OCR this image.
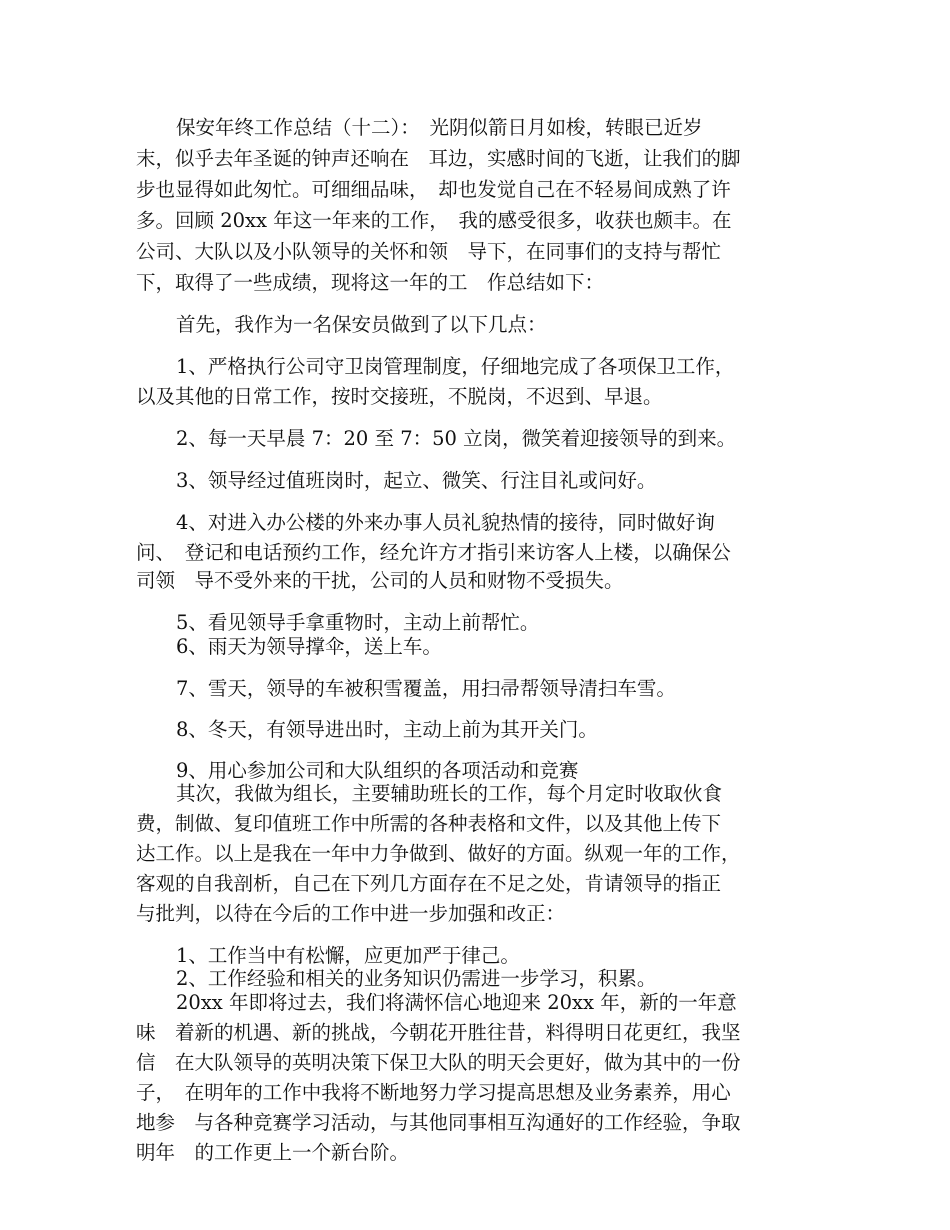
保安年终工作总结（十二）：　光阴似箭日月如梭，转眼已近岁
末，似乎去年圣诞的钟声还响在　耳边，实感时间的飞逝，让我们的脚
步也显得如此匆忙。可细细品味，　却也发觉自己在不轻易间成熟了许
多。回顾 20xx 年这一年来的工作，　我的感受很多，收获也颇丰。在
公司、大队以及小队领导的关怀和领　导下，在同事们的支持与帮忙
下，取得了一些成绩，现将这一年的工　作总结如下：
首先，我作为一名保安员做到了以下几点：
1、严格执行公司守卫岗管理制度，仔细地完成了各项保卫工作，
以及其他的日常工作，按时交接班，不脱岗，不迟到、早退。
2、每一天早晨 7：20 至 7：50 立岗，微笑着迎接领导的到来。
3、领导经过值班岗时，起立、微笑、行注目礼或问好。
4、对进入办公楼的外来办事人员礼貌热情的接待，同时做好询
问、　登记和电话预约工作，经允许方才指引来访客人上楼，以确保公
司领　导不受外来的干扰，公司的人员和财物不受损失。
5、看见领导手拿重物时，主动上前帮忙。
6、雨天为领导撑伞，送上车。
7、雪天，领导的车被积雪覆盖，用扫帚帮领导清扫车雪。
8、冬天，有领导进出时，主动上前为其开关门。
9、用心参加公司和大队组织的各项活动和竞赛
其次，我做为组长，主要辅助班长的工作，每个月定时收取伙食
费，制做、复印值班工作中所需的各种表格和文件，以及其他上传下
达工作。以上是我在一年中力争做到、做好的方面。纵观一年的工作，
客观的自我剖析，自己在下列几方面存在不足之处，肯请领导的指正
与批判，以待在今后的工作中进一步加强和改正：
1、工作当中有松懈，应更加严于律己。
2、工作经验和相关的业务知识仍需进一步学习，积累。
20xx 年即将过去，我们将满怀信心地迎来 20xx 年，新的一年意
味　着新的机遇、新的挑战，今朝花开胜往昔，料得明日花更红，我坚
信　在大队领导的英明决策下保卫大队的明天会更好，做为其中的一份
子，　在明年的工作中我将不断地努力学习提高思想及业务素养，用心
地参　与各种竞赛学习活动，与其他同事相互沟通好的工作经验，争取
明年　的工作更上一个新台阶。
